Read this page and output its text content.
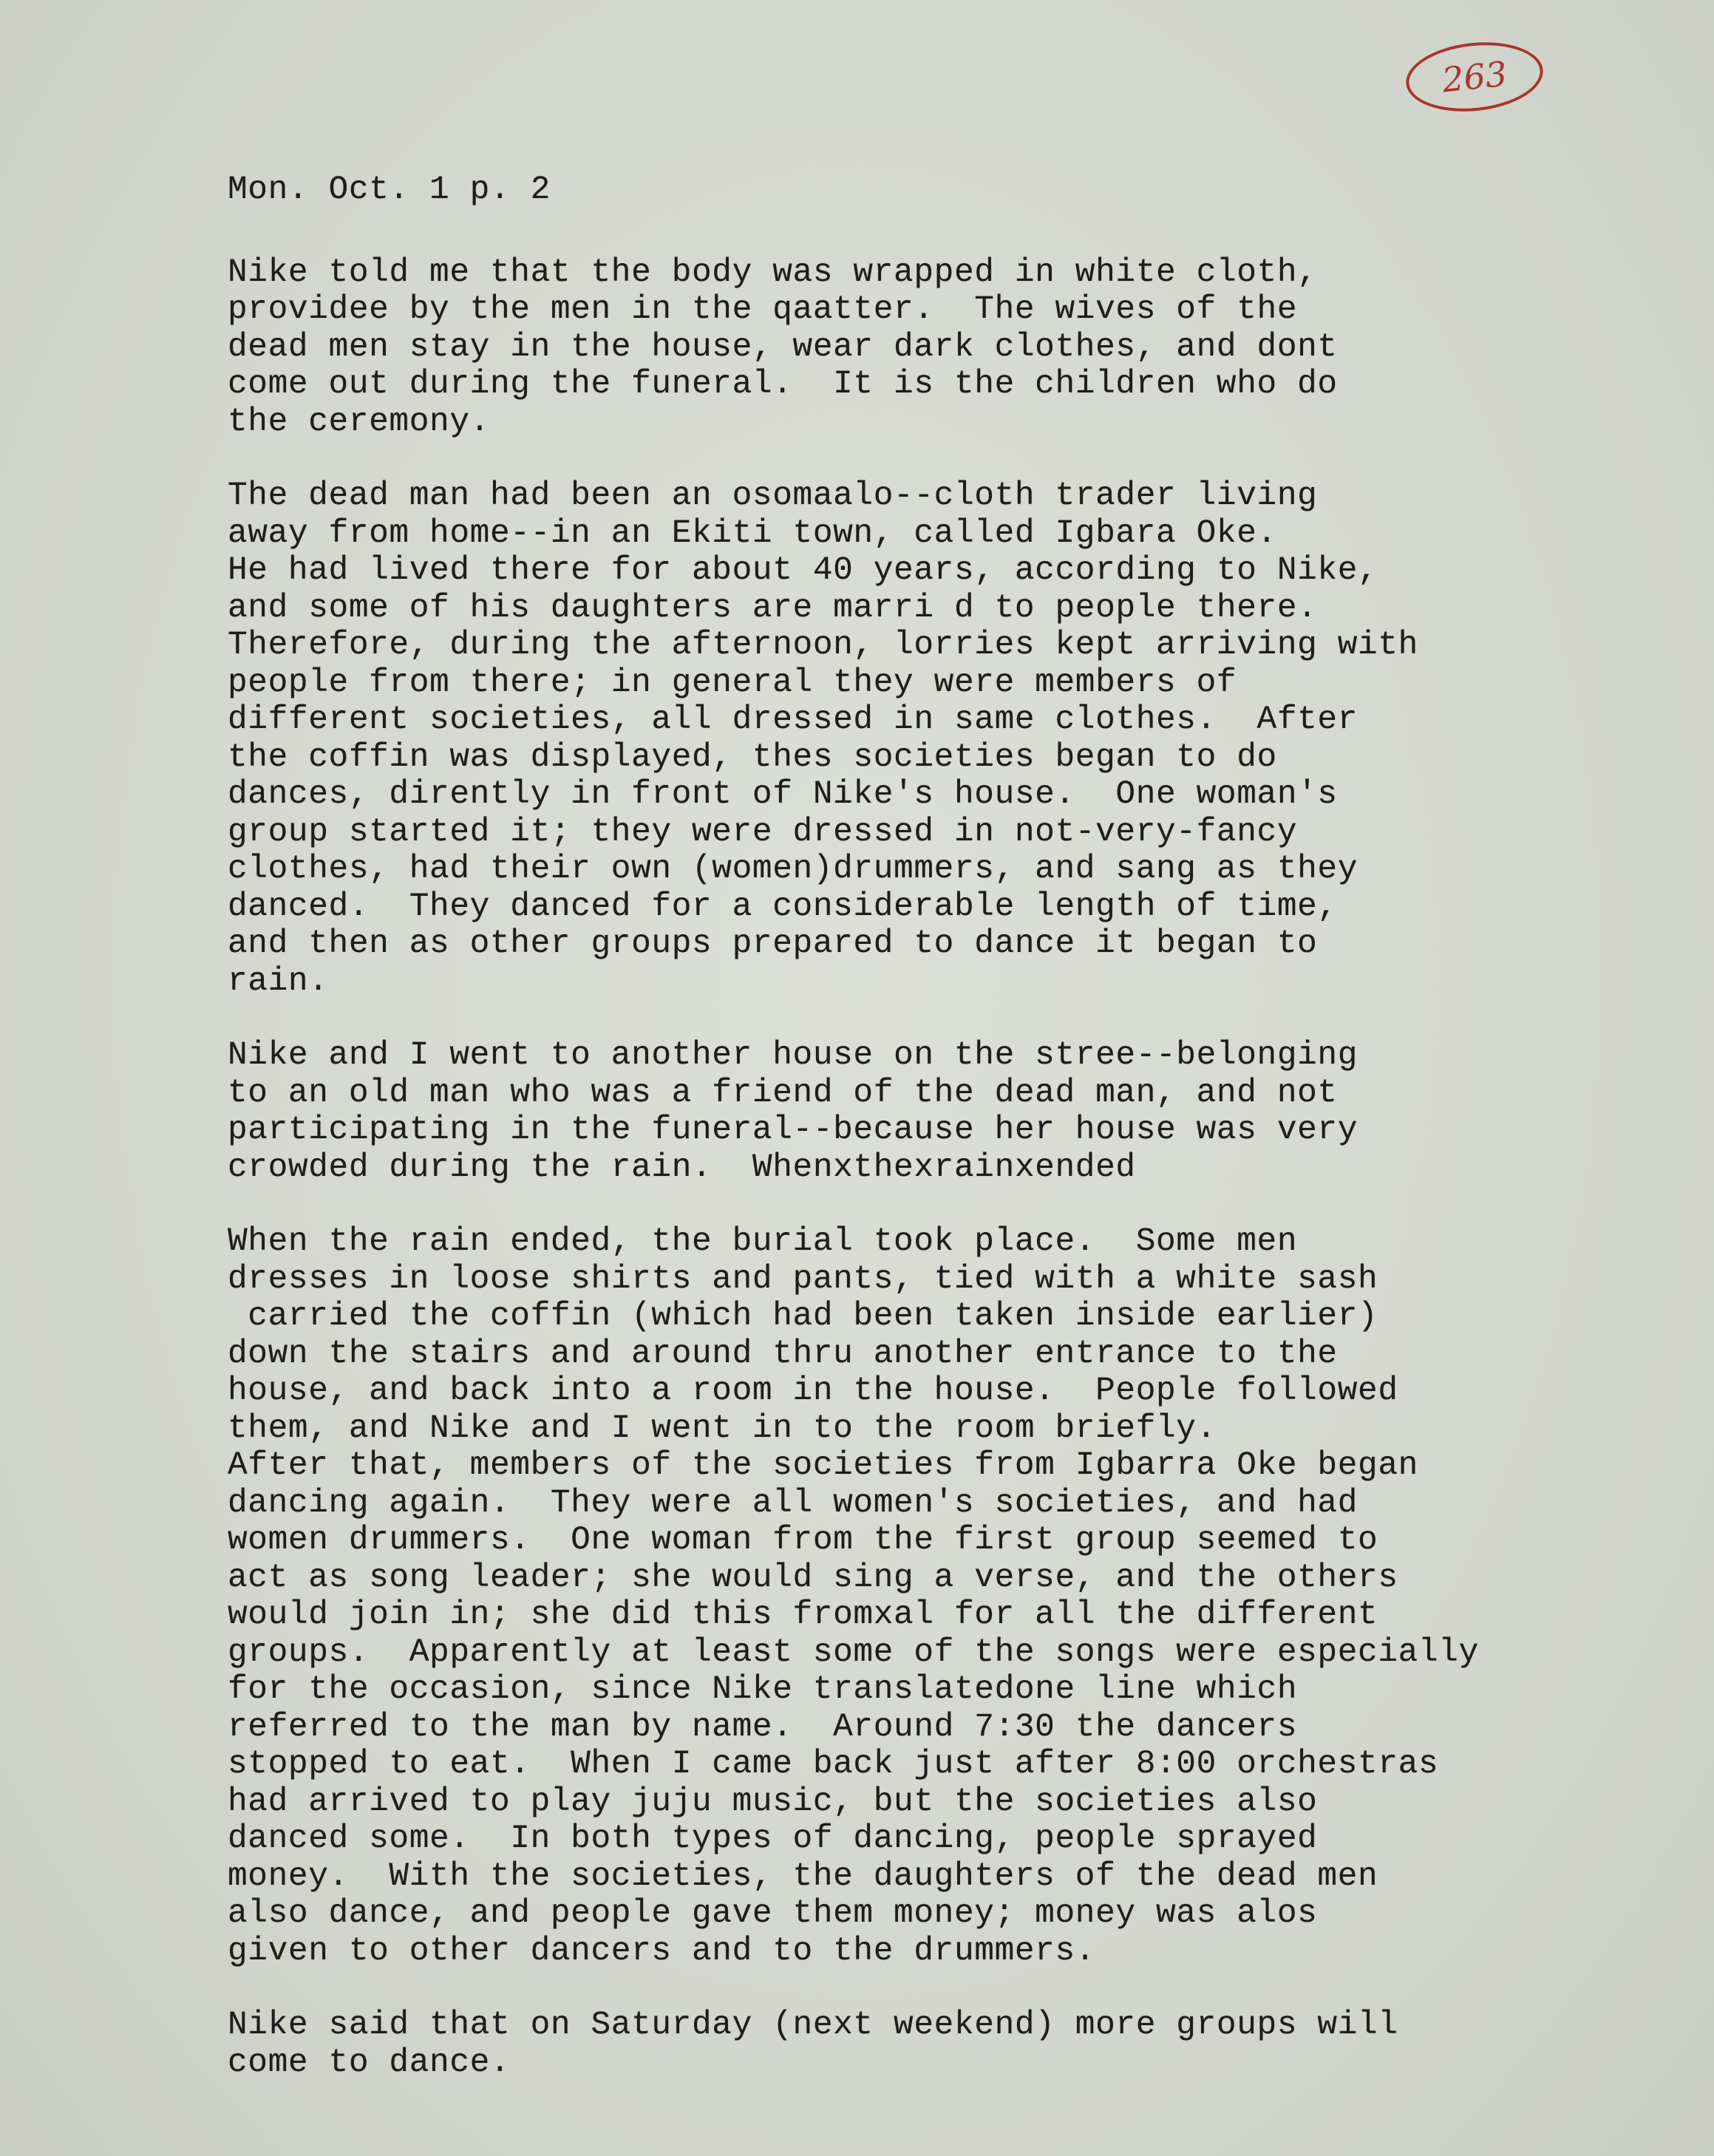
263
Mon. Oct. 1 p. 2
Nike told me that the body was wrapped in white cloth,
providee by the men in the qaatter.  The wives of the
dead men stay in the house, wear dark clothes, and dont
come out during the funeral.  It is the children who do
the ceremony.
The dead man had been an osomaalo--cloth trader living
away from home--in an Ekiti town, called Igbara Oke.
He had lived there for about 40 years, according to Nike,
and some of his daughters are marri d to people there.
Therefore, during the afternoon, lorries kept arriving with
people from there; in general they were members of
different societies, all dressed in same clothes.  After
the coffin was displayed, thes societies began to do
dances, dirently in front of Nike's house.  One woman's
group started it; they were dressed in not-very-fancy
clothes, had their own (women)drummers, and sang as they
danced.  They danced for a considerable length of time,
and then as other groups prepared to dance it began to
rain.
Nike and I went to another house on the stree--belonging
to an old man who was a friend of the dead man, and not
participating in the funeral--because her house was very
crowded during the rain.  Whenxthexrainxended
When the rain ended, the burial took place.  Some men
dresses in loose shirts and pants, tied with a white sash
carried the coffin (which had been taken inside earlier)
down the stairs and around thru another entrance to the
house, and back into a room in the house.  People followed
them, and Nike and I went in to the room briefly.
After that, members of the societies from Igbarra Oke began
dancing again.  They were all women's societies, and had
women drummers.  One woman from the first group seemed to
act as song leader; she would sing a verse, and the others
would join in; she did this fromxal for all the different
groups.  Apparently at least some of the songs were especially
for the occasion, since Nike translatedone line which
referred to the man by name.  Around 7:30 the dancers
stopped to eat.  When I came back just after 8:00 orchestras
had arrived to play juju music, but the societies also
danced some.  In both types of dancing, people sprayed
money.  With the societies, the daughters of the dead men
also dance, and people gave them money; money was alos
given to other dancers and to the drummers.
Nike said that on Saturday (next weekend) more groups will
come to dance.
